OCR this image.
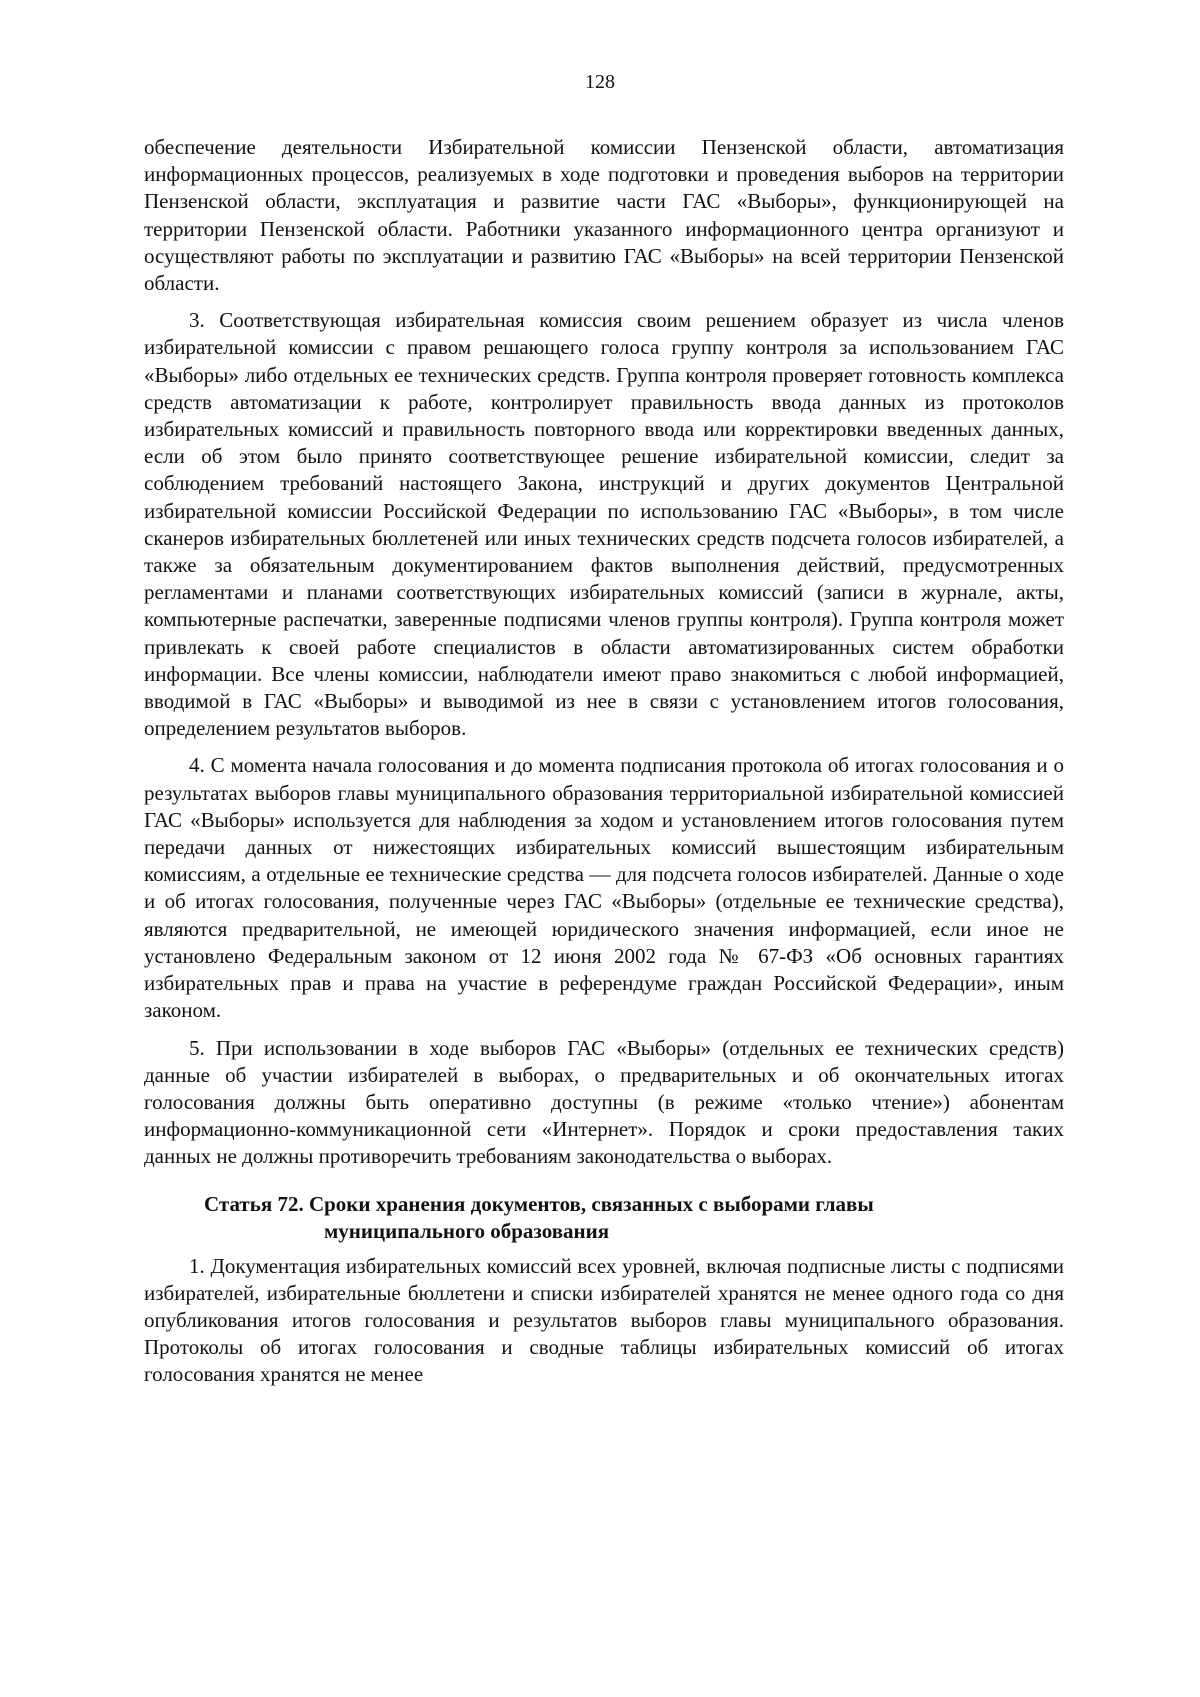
128

обеспечение деятельности Избирательной комиссии Пензенской области, автоматизация информационных процессов, реализуемых в ходе подготовки и проведения выборов на территории Пензенской области, эксплуатация и развитие части ГАС «Выборы», функционирующей на территории Пензенской области. Работники указанного информационного центра организуют и осуществляют работы по эксплуатации и развитию ГАС «Выборы» на всей территории Пензенской области.

3. Соответствующая избирательная комиссия своим решением образует из числа членов избирательной комиссии с правом решающего голоса группу контроля за использованием ГАС «Выборы» либо отдельных ее технических средств. Группа контроля проверяет готовность комплекса средств автоматизации к работе, контролирует правильность ввода данных из протоколов избирательных комиссий и правильность повторного ввода или корректировки введенных данных, если об этом было принято соответствующее решение избирательной комиссии, следит за соблюдением требований настоящего Закона, инструкций и других документов Центральной избирательной комиссии Российской Федерации по использованию ГАС «Выборы», в том числе сканеров избирательных бюллетеней или иных технических средств подсчета голосов избирателей, а также за обязательным документированием фактов выполнения действий, предусмотренных регламентами и планами соответствующих избирательных комиссий (записи в журнале, акты, компьютерные распечатки, заверенные подписями членов группы контроля). Группа контроля может привлекать к своей работе специалистов в области автоматизированных систем обработки информации. Все члены комиссии, наблюдатели имеют право знакомиться с любой информацией, вводимой в ГАС «Выборы» и выводимой из нее в связи с установлением итогов голосования, определением результатов выборов.

4. С момента начала голосования и до момента подписания протокола об итогах голосования и о результатах выборов главы муниципального образования территориальной избирательной комиссией ГАС «Выборы» используется для наблюдения за ходом и установлением итогов голосования путем передачи данных от нижестоящих избирательных комиссий вышестоящим избирательным комиссиям, а отдельные ее технические средства — для подсчета голосов избирателей. Данные о ходе и об итогах голосования, полученные через ГАС «Выборы» (отдельные ее технические средства), являются предварительной, не имеющей юридического значения информацией, если иное не установлено Федеральным законом от 12 июня 2002 года № 67-ФЗ «Об основных гарантиях избирательных прав и права на участие в референдуме граждан Российской Федерации», иным законом.

5. При использовании в ходе выборов ГАС «Выборы» (отдельных ее технических средств) данные об участии избирателей в выборах, о предварительных и об окончательных итогах голосования должны быть оперативно доступны (в режиме «только чтение») абонентам информационно-коммуникационной сети «Интернет». Порядок и сроки предоставления таких данных не должны противоречить требованиям законодательства о выборах.

Статья 72. Сроки хранения документов, связанных с выборами главы
муниципального образования

1. Документация избирательных комиссий всех уровней, включая подписные листы с подписями избирателей, избирательные бюллетени и списки избирателей хранятся не менее одного года со дня опубликования итогов голосования и результатов выборов главы муниципального образования. Протоколы об итогах голосования и сводные таблицы избирательных комиссий об итогах голосования хранятся не менее
